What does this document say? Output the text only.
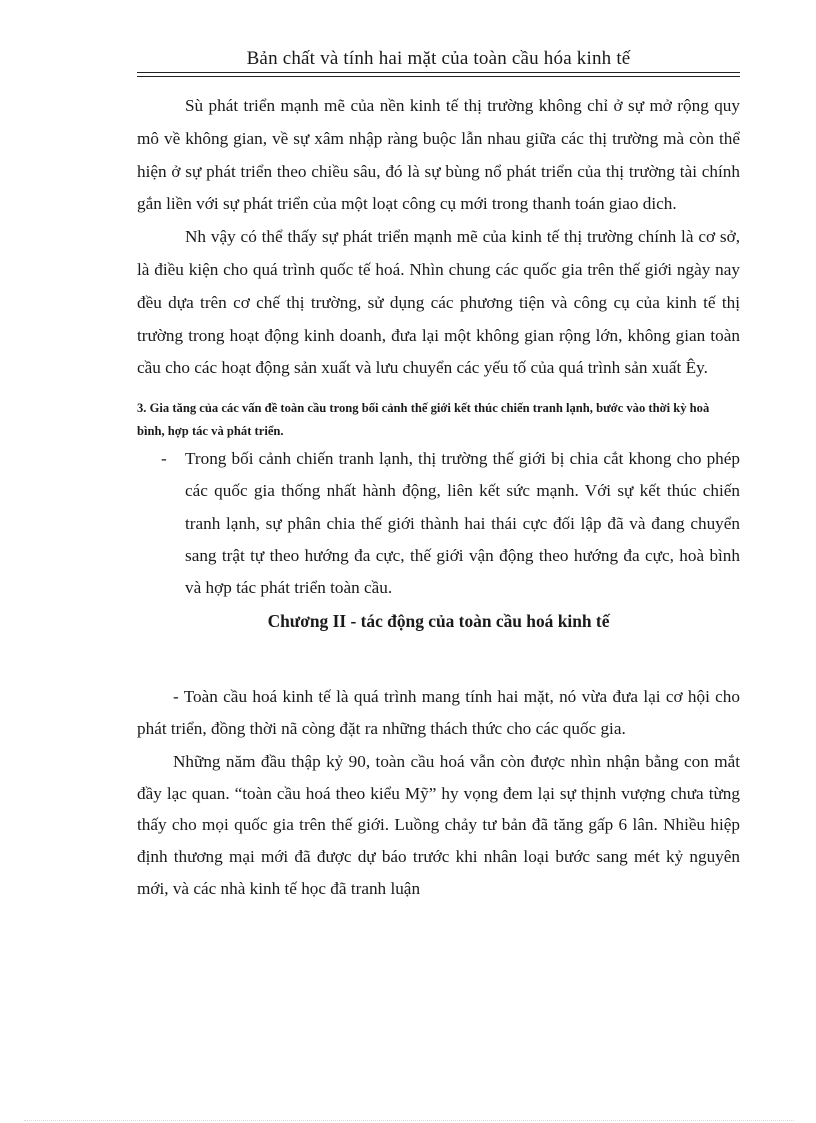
Bản chất và tính hai mặt của toàn cầu hóa kinh tế

Sù phát triển mạnh mẽ của nền kinh tế thị trường không chỉ ở sự mở rộng quy mô về không gian, về sự xâm nhập ràng buộc lẫn nhau giữa các thị trường mà còn thể hiện ở sự phát triển theo chiều sâu, đó là sự bùng nổ phát triển của thị trường tài chính gắn liền với sự phát triển của một loạt công cụ mới trong thanh toán giao dich.

Nh vậy có thể thấy sự phát triển mạnh mẽ của kinh tế thị trường chính là cơ sở, là điều kiện cho quá trình quốc tế hoá. Nhìn chung các quốc gia trên thế giới ngày nay đều dựa trên cơ chế thị trường, sử dụng các phương tiện và công cụ của kinh tế thị trường trong hoạt động kinh doanh, đưa lại một không gian rộng lớn, không gian toàn cầu cho các hoạt động sản xuất và lưu chuyển các yếu tố của quá trình sản xuất Êy.

3. Gia tăng của các vấn đề toàn cầu trong bối cảnh thế giới kết thúc chiến tranh lạnh, bước vào thời kỳ hoà bình, hợp tác và phát triển.

- Trong bối cảnh chiến tranh lạnh, thị trường thế giới bị chia cắt khong cho phép các quốc gia thống nhất hành động, liên kết sức mạnh. Với sự kết thúc chiến tranh lạnh, sự phân chia thế giới thành hai thái cực đối lập đã và đang chuyển sang trật tự theo hướng đa cực, thế giới vận động theo hướng đa cực, hoà bình và hợp tác phát triển toàn cầu.

Chương II - tác động của toàn cầu hoá kinh tế

- Toàn cầu hoá kinh tế là quá trình mang tính hai mặt, nó vừa đưa lại cơ hội cho phát triển, đồng thời nã còng đặt ra những thách thức cho các quốc gia.

Những năm đầu thập kỷ 90, toàn cầu hoá vẫn còn được nhìn nhận bằng con mắt đầy lạc quan. “toàn cầu hoá theo kiểu Mỹ” hy vọng đem lại sự thịnh vượng chưa từng thấy cho mọi quốc gia trên thế giới. Luồng chảy tư bản đã tăng gấp 6 lân. Nhiều hiệp định thương mại mới đã được dự báo trước khi nhân loại bước sang mét kỷ nguyên mới, và các nhà kinh tế học đã tranh luận
